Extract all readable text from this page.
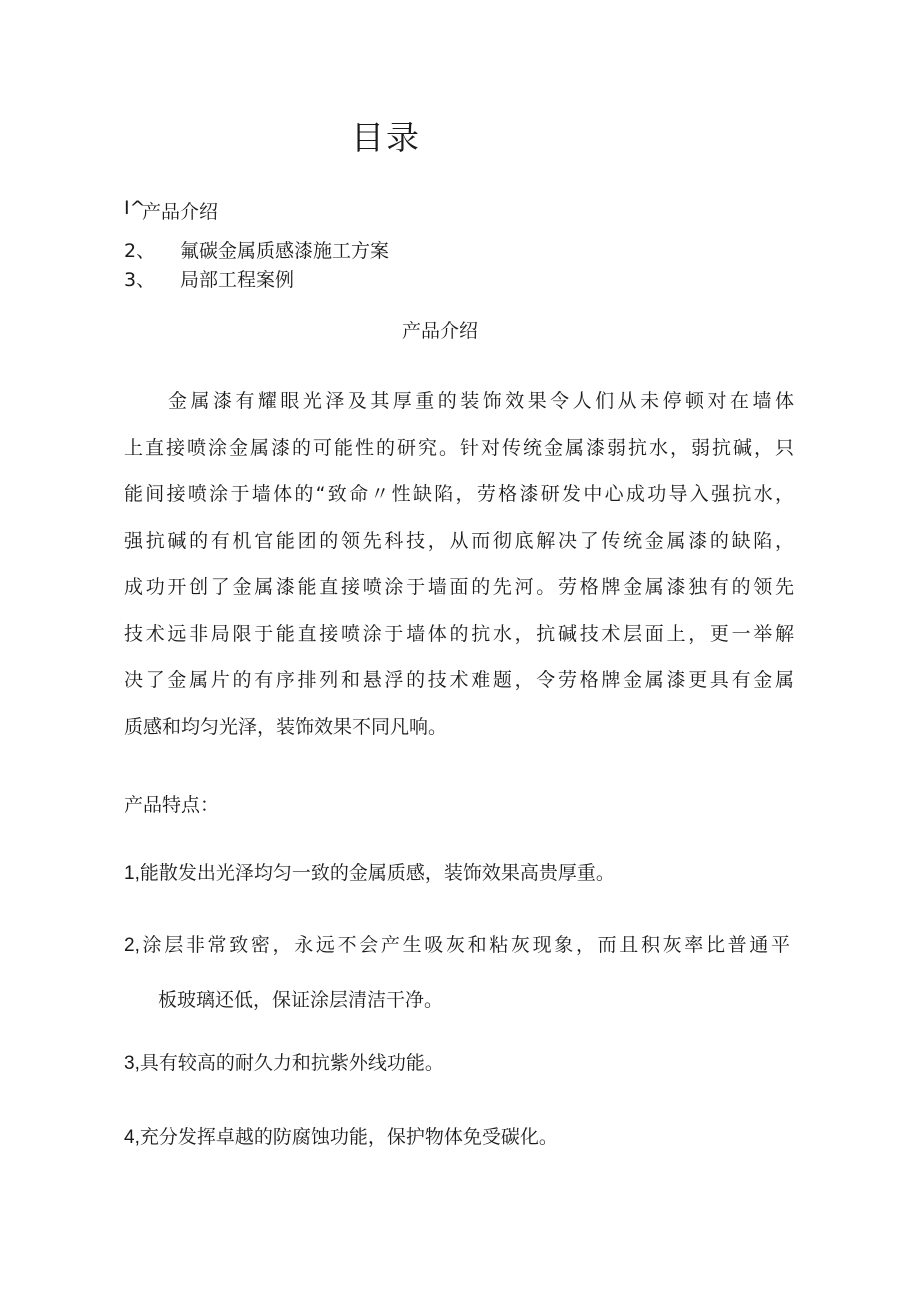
目录
I^
产品介绍
2、 氟碳金属质感漆施工方案
3、 局部工程案例
产品介绍
金属漆有耀眼光泽及其厚重的装饰效果令人们从未停顿对在墙体
上直接喷涂金属漆的可能性的研究。针对传统金属漆弱抗水，弱抗碱，只
能间接喷涂于墙体的“致命〃性缺陷，劳格漆研发中心成功导入强抗水，
强抗碱的有机官能团的领先科技，从而彻底解决了传统金属漆的缺陷，
成功开创了金属漆能直接喷涂于墙面的先河。劳格牌金属漆独有的领先
技术远非局限于能直接喷涂于墙体的抗水，抗碱技术层面上，更一举解
决了金属片的有序排列和悬浮的技术难题，令劳格牌金属漆更具有金属
质感和均匀光泽，装饰效果不同凡响。
产品特点：
1,能散发出光泽均匀一致的金属质感，装饰效果高贵厚重。
2,涂层非常致密，永远不会产生吸灰和粘灰现象，而且积灰率比普通平
板玻璃还低，保证涂层清洁干净。
3,具有较高的耐久力和抗紫外线功能。
4,充分发挥卓越的防腐蚀功能，保护物体免受碳化。
